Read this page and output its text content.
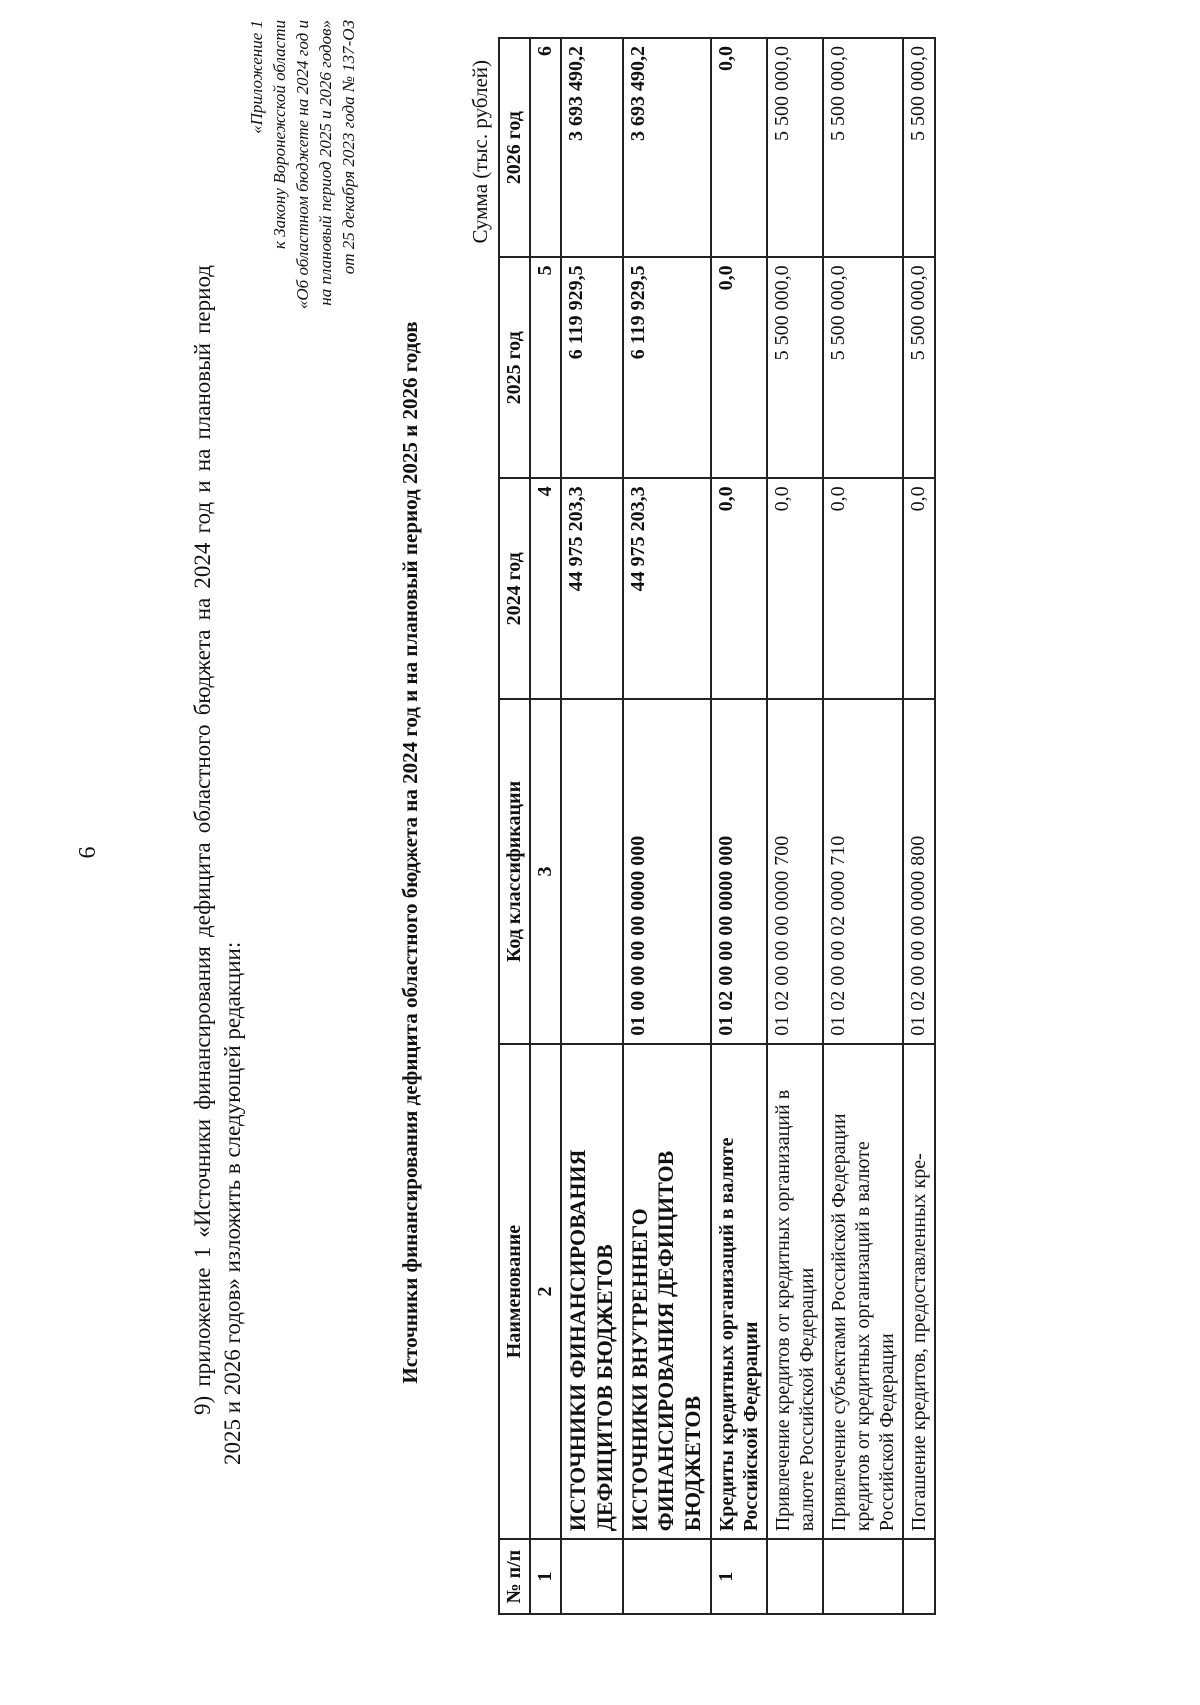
6	9) приложение 1 «Источники финансирования дефицита областного бюджета на 2024 год и на плановый период 2025 и 2026 годов» изложить в следующей редакции:

«Приложение 1 к Закону Воронежской области «Об областном бюджете на 2024 год и на плановый период 2025 и 2026 годов» от 25 декабря 2023 года № 137-ОЗ
Источники финансирования дефицита областного бюджета на 2024 год и на плановый период 2025 и 2026 годов
Сумма (тыс. рублей)
№ п/п	Наименование	Код классификации	2024 год	2025 год	2026 год
1	2	3	4	5	6
	ИСТОЧНИКИ ФИНАНСИРОВАНИЯ ДЕФИЦИТОВ БЮДЖЕТОВ		44 975 203,3	6 119 929,5	3 693 490,2
	ИСТОЧНИКИ ВНУТРЕННЕГО ФИНАНСИРОВАНИЯ ДЕФИЦИТОВ БЮДЖЕТОВ	01 00 00 00 00 0000 000	44 975 203,3	6 119 929,5	3 693 490,2
1	Кредиты кредитных организаций в валюте Российской Федерации	01 02 00 00 00 0000 000	0,0	0,0	0,0
	Привлечение кредитов от кредитных организаций в валюте Российской Федерации	01 02 00 00 00 0000 700	0,0	5 500 000,0	5 500 000,0
	Привлечение субъектами Российской Федерации кредитов от кредитных организаций в валюте Российской Федерации	01 02 00 00 02 0000 710	0,0	5 500 000,0	5 500 000,0
	Погашение кредитов, предоставленных кре-	01 02 00 00 00 0000 800	0,0	5 500 000,0	5 500 000,0
